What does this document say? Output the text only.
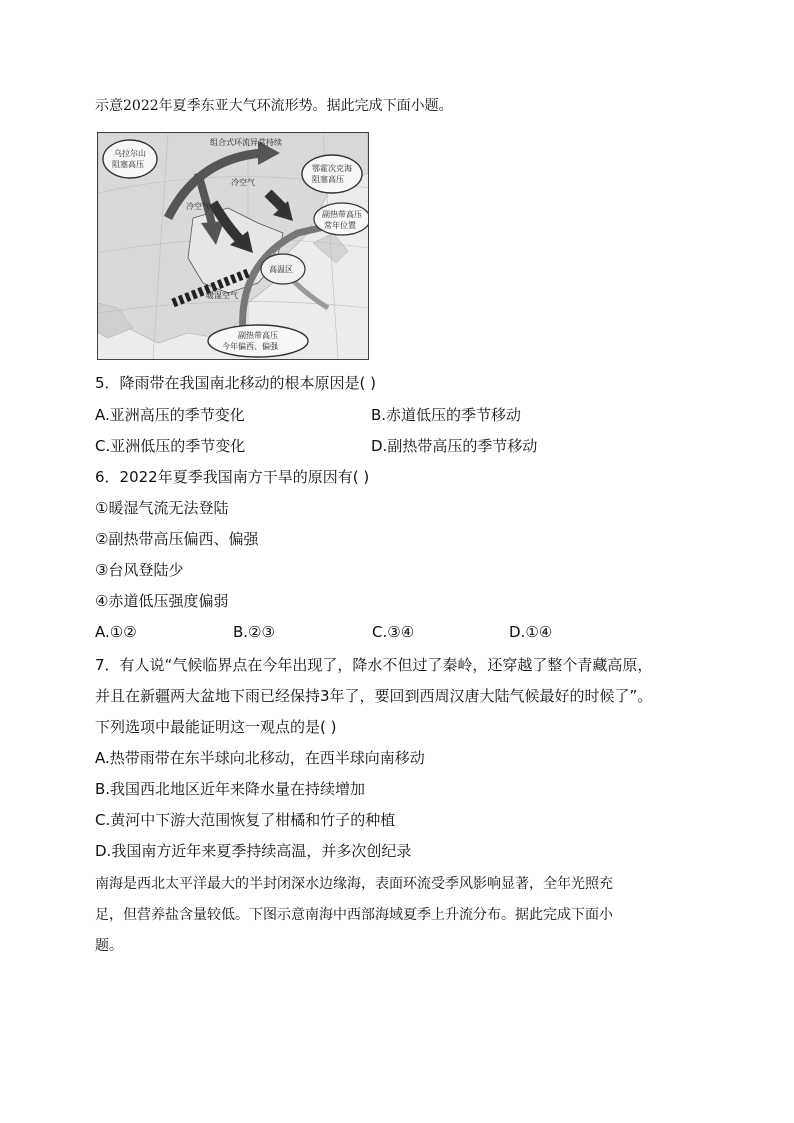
示意2022年夏季东亚大气环流形势。据此完成下面小题。
乌拉尔山
阻塞高压
组合式环流异常持续
鄂霍次克海
阻塞高压
冷空气
冷空气
副热带高压
常年位置
高温区
暖湿空气
副热带高压
今年偏西、偏强
5．降雨带在我国南北移动的根本原因是( )
A.亚洲高压的季节变化	B.赤道低压的季节移动
C.亚洲低压的季节变化	D.副热带高压的季节移动
6．2022年夏季我国南方干旱的原因有( )
①暖湿气流无法登陆
②副热带高压偏西、偏强
③台风登陆少
④赤道低压强度偏弱
A.①②	B.②③	C.③④	D.①④
7．有人说“气候临界点在今年出现了，降水不但过了秦岭，还穿越了整个青藏高原，
并且在新疆两大盆地下雨已经保持3年了，要回到西周汉唐大陆气候最好的时候了”。
下列选项中最能证明这一观点的是( )
A.热带雨带在东半球向北移动，在西半球向南移动
B.我国西北地区近年来降水量在持续增加
C.黄河中下游大范围恢复了柑橘和竹子的种植
D.我国南方近年来夏季持续高温，并多次创纪录
南海是西北太平洋最大的半封闭深水边缘海，表面环流受季风影响显著，全年光照充
足，但营养盐含量较低。下图示意南海中西部海域夏季上升流分布。据此完成下面小
题。
